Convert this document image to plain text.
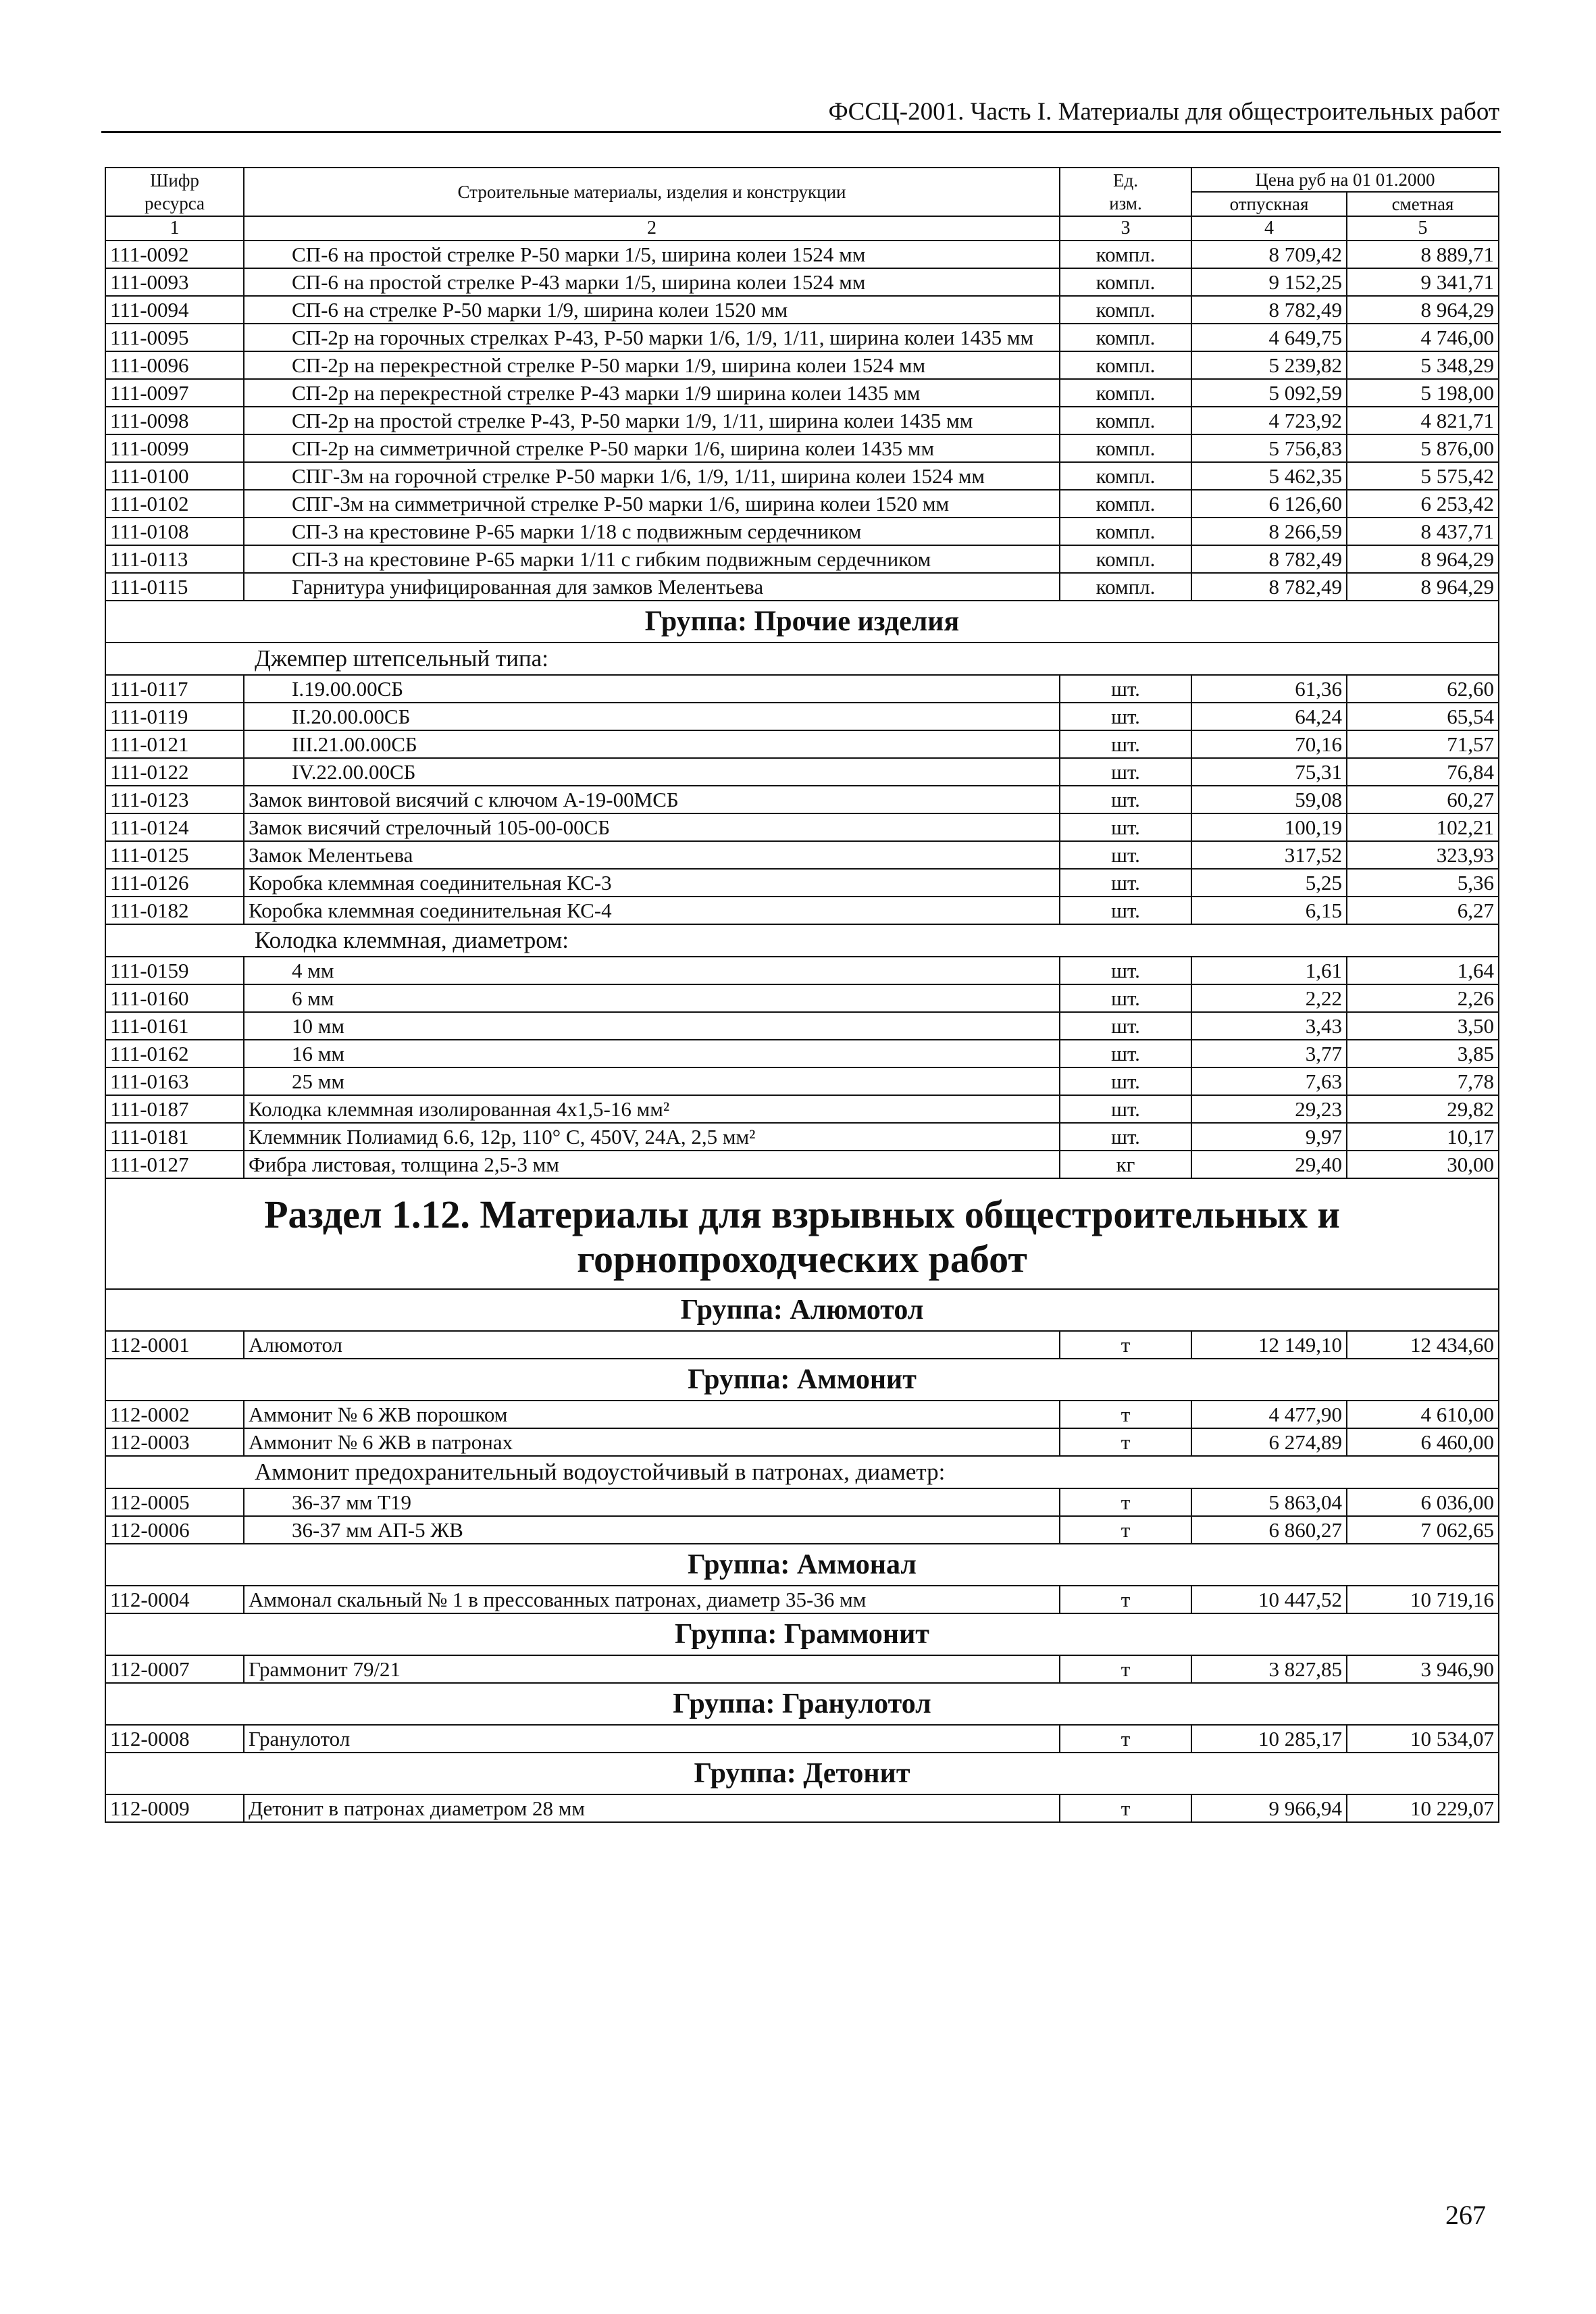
ФССЦ-2001. Часть I. Материалы для общестроительных работ
Шифр
ресурса	Строительные материалы, изделия и конструкции	Ед.
изм.	Цена руб на 01 01.2000	
			отпускная	сметная
1	2	3	4	5
111-0092	СП-6 на простой стрелке Р-50 марки 1/5, ширина колеи 1524 мм	компл.	8 709,42	8 889,71
111-0093	СП-6 на простой стрелке Р-43 марки 1/5, ширина колеи 1524 мм	компл.	9 152,25	9 341,71
111-0094	СП-6 на стрелке Р-50 марки 1/9, ширина колеи 1520 мм	компл.	8 782,49	8 964,29
111-0095	СП-2р на горочных стрелках Р-43, Р-50 марки 1/6, 1/9, 1/11, ширина колеи 1435 мм	компл.	4 649,75	4 746,00
111-0096	СП-2р на перекрестной стрелке Р-50 марки 1/9, ширина колеи 1524 мм	компл.	5 239,82	5 348,29
111-0097	СП-2р на перекрестной стрелке Р-43 марки 1/9 ширина колеи 1435 мм	компл.	5 092,59	5 198,00
111-0098	СП-2р на простой стрелке Р-43, Р-50 марки 1/9, 1/11, ширина колеи 1435 мм	компл.	4 723,92	4 821,71
111-0099	СП-2р на симметричной стрелке Р-50 марки 1/6, ширина колеи 1435 мм	компл.	5 756,83	5 876,00
111-0100	СПГ-3м на горочной стрелке Р-50 марки 1/6, 1/9, 1/11, ширина колеи 1524 мм	компл.	5 462,35	5 575,42
111-0102	СПГ-3м на симметричной стрелке Р-50 марки 1/6, ширина колеи 1520 мм	компл.	6 126,60	6 253,42
111-0108	СП-3 на крестовине Р-65 марки 1/18 с подвижным сердечником	компл.	8 266,59	8 437,71
111-0113	СП-3 на крестовине Р-65 марки 1/11 с гибким подвижным сердечником	компл.	8 782,49	8 964,29
111-0115	Гарнитура унифицированная для замков Мелентьева	компл.	8 782,49	8 964,29
Группа: Прочие изделия				
Джемпер штепсельный типа:				
111-0117	I.19.00.00СБ	шт.	61,36	62,60
111-0119	II.20.00.00СБ	шт.	64,24	65,54
111-0121	III.21.00.00СБ	шт.	70,16	71,57
111-0122	IV.22.00.00СБ	шт.	75,31	76,84
111-0123	Замок винтовой висячий с ключом А-19-00МСБ	шт.	59,08	60,27
111-0124	Замок висячий стрелочный 105-00-00СБ	шт.	100,19	102,21
111-0125	Замок Мелентьева	шт.	317,52	323,93
111-0126	Коробка клеммная соединительная КС-3	шт.	5,25	5,36
111-0182	Коробка клеммная соединительная КС-4	шт.	6,15	6,27
Колодка клеммная, диаметром:				
111-0159	4 мм	шт.	1,61	1,64
111-0160	6 мм	шт.	2,22	2,26
111-0161	10 мм	шт.	3,43	3,50
111-0162	16 мм	шт.	3,77	3,85
111-0163	25 мм	шт.	7,63	7,78
111-0187	Колодка клеммная изолированная 4х1,5-16 мм²	шт.	29,23	29,82
111-0181	Клеммник Полиамид 6.6, 12р, 110° С, 450V, 24А, 2,5 мм²	шт.	9,97	10,17
111-0127	Фибра листовая, толщина 2,5-3 мм	кг	29,40	30,00
Раздел 1.12. Материалы для взрывных общестроительных и горнопроходческих работ				
Группа: Алюмотол				
112-0001	Алюмотол	т	12 149,10	12 434,60
Группа: Аммонит				
112-0002	Аммонит № 6 ЖВ порошком	т	4 477,90	4 610,00
112-0003	Аммонит № 6 ЖВ в патронах	т	6 274,89	6 460,00
Аммонит предохранительный водоустойчивый в патронах, диаметр:				
112-0005	36-37 мм Т19	т	5 863,04	6 036,00
112-0006	36-37 мм АП-5 ЖВ	т	6 860,27	7 062,65
Группа: Аммонал				
112-0004	Аммонал скальный № 1 в прессованных патронах, диаметр 35-36 мм	т	10 447,52	10 719,16
Группа: Граммонит				
112-0007	Граммонит 79/21	т	3 827,85	3 946,90
Группа: Гранулотол				
112-0008	Гранулотол	т	10 285,17	10 534,07
Группа: Детонит				
112-0009	Детонит в патронах диаметром 28 мм	т	9 966,94	10 229,07
267
